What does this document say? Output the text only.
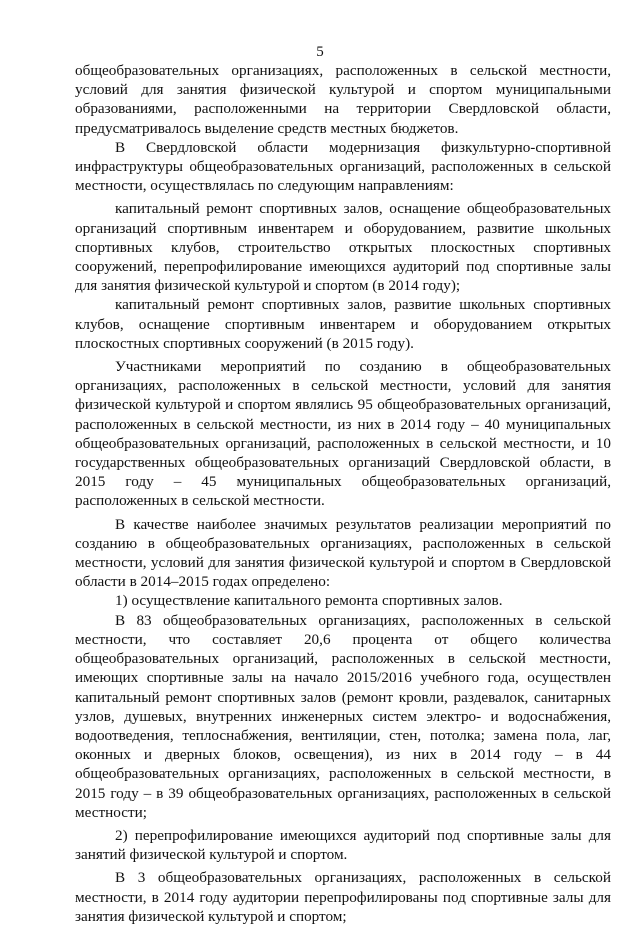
5

общеобразовательных организациях, расположенных в сельской местности, условий для занятия физической культурой и спортом муниципальными образованиями, расположенными на территории Свердловской области, предусматривалось выделение средств местных бюджетов.

В Свердловской области модернизация физкультурно-спортивной инфраструктуры общеобразовательных организаций, расположенных в сельской местности, осуществлялась по следующим направлениям:

капитальный ремонт спортивных залов, оснащение общеобразовательных организаций спортивным инвентарем и оборудованием, развитие школьных спортивных клубов, строительство открытых плоскостных спортивных сооружений, перепрофилирование имеющихся аудиторий под спортивные залы для занятия физической культурой и спортом (в 2014 году);

капитальный ремонт спортивных залов, развитие школьных спортивных клубов, оснащение спортивным инвентарем и оборудованием открытых плоскостных спортивных сооружений (в 2015 году).

Участниками мероприятий по созданию в общеобразовательных организациях, расположенных в сельской местности, условий для занятия физической культурой и спортом являлись 95 общеобразовательных организаций, расположенных в сельской местности, из них в 2014 году – 40 муниципальных общеобразовательных организаций, расположенных в сельской местности, и 10 государственных общеобразовательных организаций Свердловской области, в 2015 году – 45 муниципальных общеобразовательных организаций, расположенных в сельской местности.

В качестве наиболее значимых результатов реализации мероприятий по созданию в общеобразовательных организациях, расположенных в сельской местности, условий для занятия физической культурой и спортом в Свердловской области в 2014–2015 годах определено:

1) осуществление капитального ремонта спортивных залов.

В 83 общеобразовательных организациях, расположенных в сельской местности, что составляет 20,6 процента от общего количества общеобразовательных организаций, расположенных в сельской местности, имеющих спортивные залы на начало 2015/2016 учебного года, осуществлен капитальный ремонт спортивных залов (ремонт кровли, раздевалок, санитарных узлов, душевых, внутренних инженерных систем электро- и водоснабжения, водоотведения, теплоснабжения, вентиляции, стен, потолка; замена пола, лаг, оконных и дверных блоков, освещения), из них в 2014 году – в 44 общеобразовательных организациях, расположенных в сельской местности, в 2015 году – в 39 общеобразовательных организациях, расположенных в сельской местности;

2) перепрофилирование имеющихся аудиторий под спортивные залы для занятий физической культурой и спортом.

В 3 общеобразовательных организациях, расположенных в сельской местности, в 2014 году аудитории перепрофилированы под спортивные залы для занятия физической культурой и спортом;
